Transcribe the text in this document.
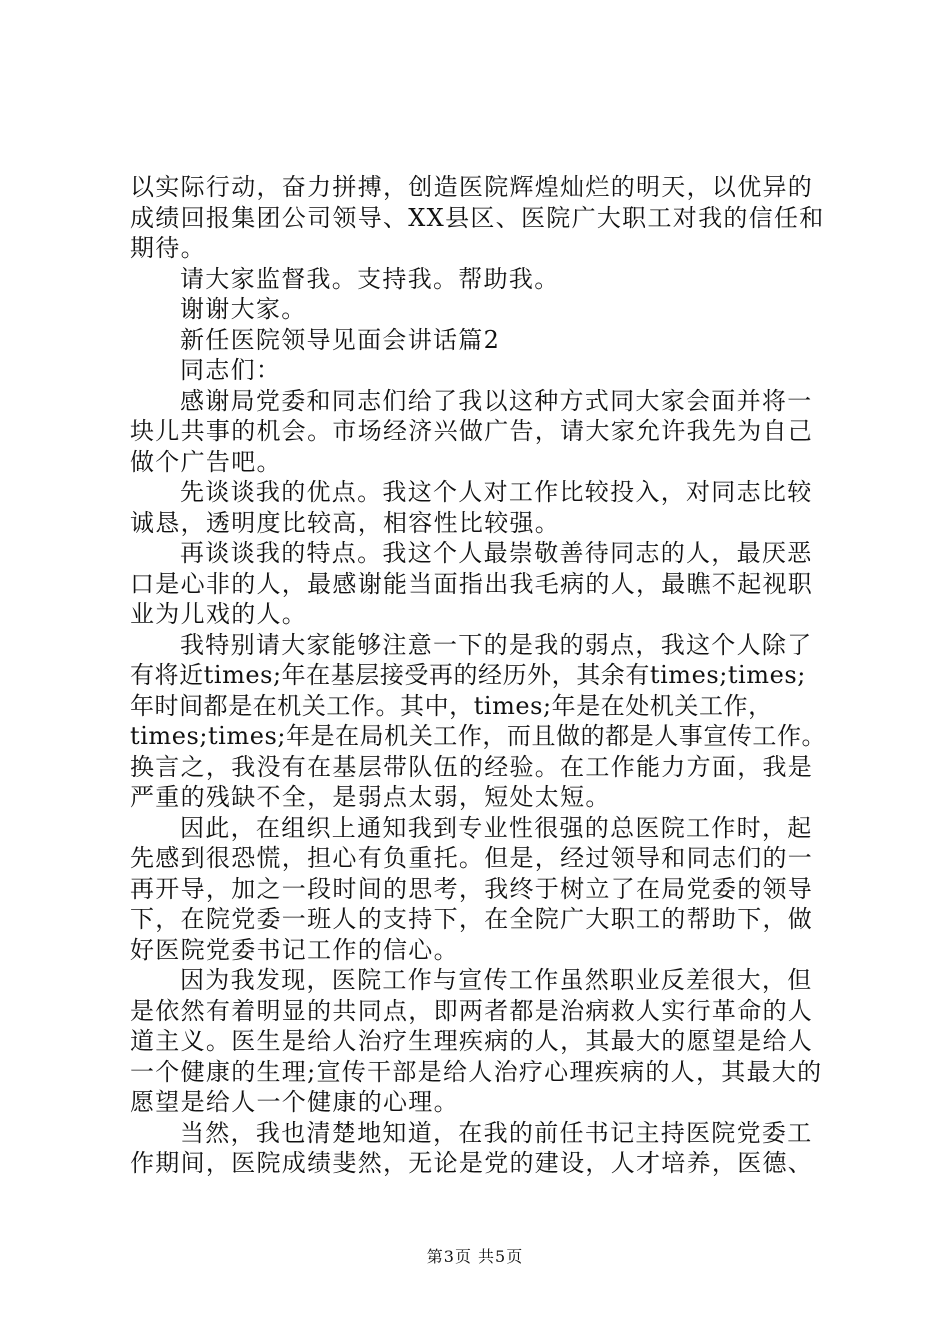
以实际行动，奋力拼搏，创造医院辉煌灿烂的明天，以优异的
成绩回报集团公司领导、XX县区、医院广大职工对我的信任和
期待。
请大家监督我。支持我。帮助我。
谢谢大家。
新任医院领导见面会讲话篇2
同志们：
感谢局党委和同志们给了我以这种方式同大家会面并将一
块儿共事的机会。市场经济兴做广告，请大家允许我先为自己
做个广告吧。
先谈谈我的优点。我这个人对工作比较投入，对同志比较
诚恳，透明度比较高，相容性比较强。
再谈谈我的特点。我这个人最崇敬善待同志的人，最厌恶
口是心非的人，最感谢能当面指出我毛病的人，最瞧不起视职
业为儿戏的人。
我特别请大家能够注意一下的是我的弱点，我这个人除了
有将近times;年在基层接受再的经历外，其余有times;times;
年时间都是在机关工作。其中，times;年是在处机关工作，
times;times;年是在局机关工作，而且做的都是人事宣传工作。
换言之，我没有在基层带队伍的经验。在工作能力方面，我是
严重的残缺不全，是弱点太弱，短处太短。
因此，在组织上通知我到专业性很强的总医院工作时，起
先感到很恐慌，担心有负重托。但是，经过领导和同志们的一
再开导，加之一段时间的思考，我终于树立了在局党委的领导
下，在院党委一班人的支持下，在全院广大职工的帮助下，做
好医院党委书记工作的信心。
因为我发现，医院工作与宣传工作虽然职业反差很大，但
是依然有着明显的共同点，即两者都是治病救人实行革命的人
道主义。医生是给人治疗生理疾病的人，其最大的愿望是给人
一个健康的生理;宣传干部是给人治疗心理疾病的人，其最大的
愿望是给人一个健康的心理。
当然，我也清楚地知道，在我的前任书记主持医院党委工
作期间，医院成绩斐然，无论是党的建设，人才培养，医德、
第3页 共5页
